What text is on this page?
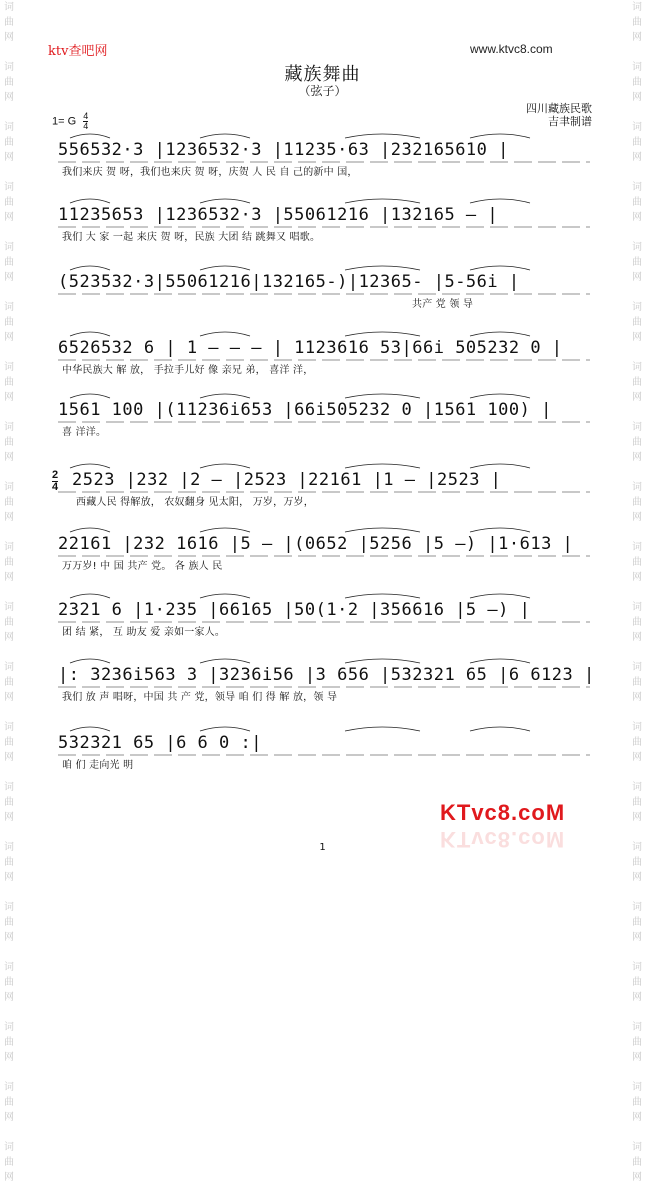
词
曲
网

词
曲
网

词
曲
网

词
曲
网

词
曲
网

词
曲
网

词
曲
网

词
曲
网

词
曲
网

词
曲
网

词
曲
网

词
曲
网

词
曲
网

词
曲
网

词
曲
网

词
曲
网

词
曲
网

词
曲
网

词
曲
网

词
曲
网

词
曲
网

词
曲
网

词
曲
网

词
曲
网

词
曲
网

词
曲
网

词
曲
网

词
曲
网

词
曲
网

词
曲
网

词
曲
网

词
曲
网

词
曲
网

词
曲
网

词
曲
网

词
曲
网

词
曲
网

词
曲
网

词
曲
网

词
曲
网

ktv查吧网	www.ktvc8.com
藏族舞曲
（弦子）
四川藏族民歌
吉聿制谱
1= G $\frac{4}{4}$
2
4
556532·3 |1236532·3 |11235·63 |232165610 |
我们来庆 贺 呀，我们也来庆 贺 呀，庆贺 人 民 自 己的新中 国，
11235653 |1236532·3 |55061216 |132165 — |
我们 大 家 一起 来庆 贺 呀，民族 大团 结 跳舞又 唱歌。
(523532·3|55061216|132165-)|12365- |5-56i |
共产 党 领 导
6526532 6 | 1 — — — | 1123616 53|66i 505232 0 |
中华民族大 解 放， 手拉手儿好 像 亲兄 弟， 喜洋 洋，
1561 100 |(11236i653 |66i505232 0 |1561 100) |
喜 洋洋。
2523 |232 |2 — |2523 |22161 |1 — |2523 |
西藏人民 得解放， 农奴翻身 见太阳， 万岁，万岁，
22161 |232 1616 |5 — |(0652 |5256 |5 —) |1·613 |
万万岁! 中 国 共产 党。 各 族人 民
2321 6 |1·235 |66165 |50(1·2 |356616 |5 —) |
团 结 紧， 互 助友 爱 亲如一家人。
|: 3236i563 3 |3236i56 |3 656 |532321 65 |6 6123 |
我们 放 声 唱呀，中国 共 产 党，领导 咱 们 得 解 放，领 导
532321 65 |6 6 0 :|
咱 们 走向光 明
KTvc8.coM
KTvc8.coM
1
